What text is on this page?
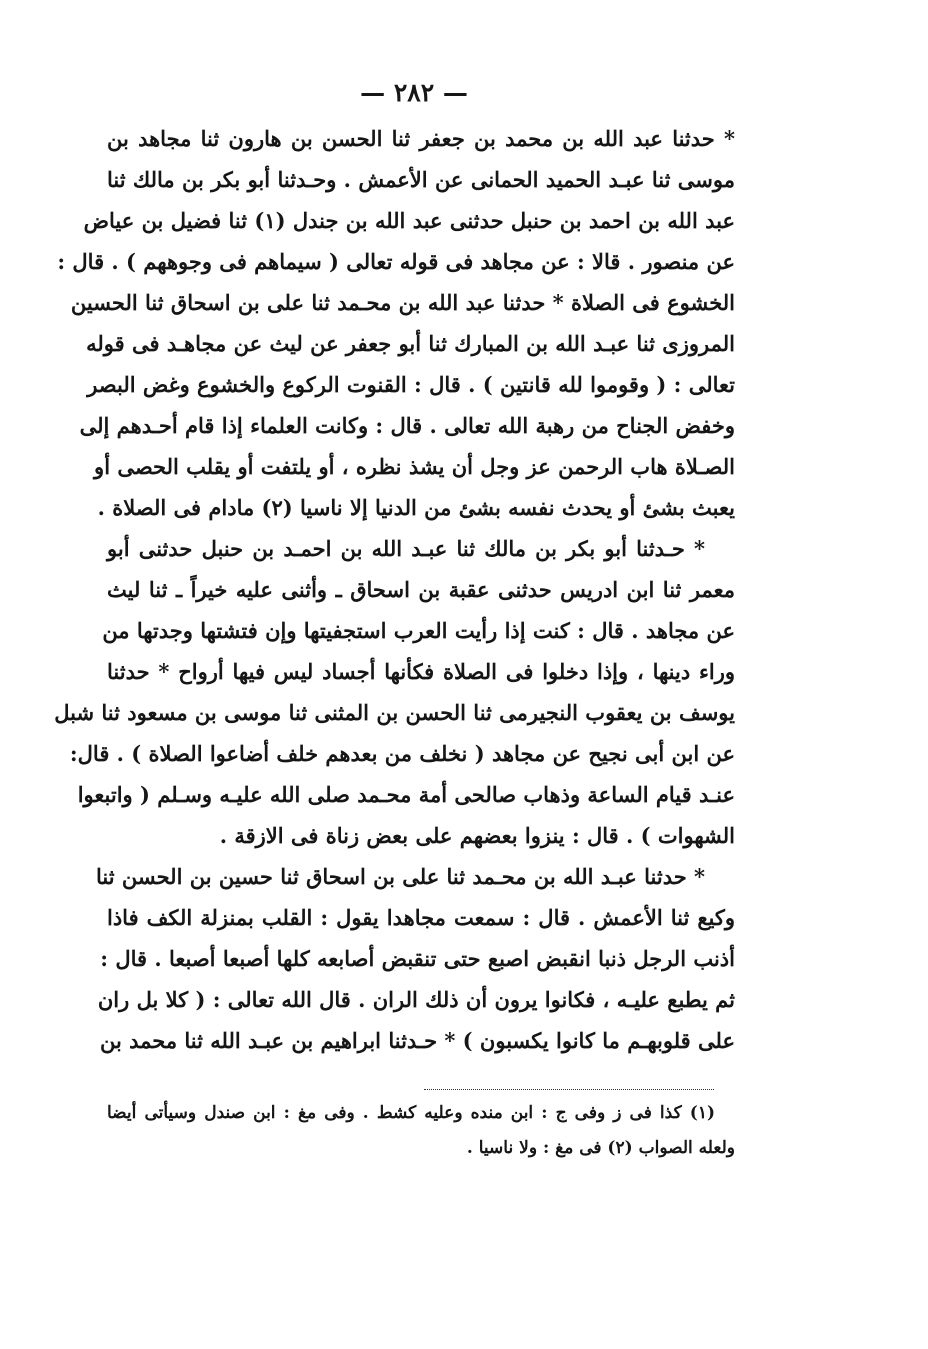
— ٢٨٢ —
* حدثنا عبد الله بن محمد بن جعفر ثنا الحسن بن هارون ثنا مجاهد بن
موسى ثنا عبـد الحميد الحمانى عن الأعمش . وحـدثنا أبو بكر بن مالك ثنا
عبد الله بن احمد بن حنبل حدثنى عبد الله بن جندل (١) ثنا فضيل بن عياض
عن منصور . قالا : عن مجاهد فى قوله تعالى ( سيماهم فى وجوههم ) . قال :
الخشوع فى الصلاة * حدثنا عبد الله بن محـمد ثنا على بن اسحاق ثنا الحسين
المروزى ثنا عبـد الله بن المبارك ثنا أبو جعفر عن ليث عن مجاهـد فى قوله
تعالى : ( وقوموا لله قانتين ) . قال : القنوت الركوع والخشوع وغض البصر
وخفض الجناح من رهبة الله تعالى . قال : وكانت العلماء إذا قام أحـدهم إلى
الصـلاة هاب الرحمن عز وجل أن يشذ نظره ، أو يلتفت أو يقلب الحصى أو
يعبث بشئ أو يحدث نفسه بشئ من الدنيا إلا ناسيا (٢) مادام فى الصلاة .
* حـدثنا أبو بكر بن مالك ثنا عبـد الله بن احمـد بن حنبل حدثنى أبو
معمر ثنا ابن ادريس حدثنى عقبة بن اسحاق ـ وأثنى عليه خيراً ـ ثنا ليث
عن مجاهد . قال : كنت إذا رأيت العرب استجفيتها وإن فتشتها وجدتها من
وراء دينها ، وإذا دخلوا فى الصلاة فكأنها أجساد ليس فيها أرواح * حدثنا
يوسف بن يعقوب النجيرمى ثنا الحسن بن المثنى ثنا موسى بن مسعود ثنا شبل
عن ابن أبى نجيح عن مجاهد ( نخلف من بعدهم خلف أضاعوا الصلاة ) . قال:
عنـد قيام الساعة وذهاب صالحى أمة محـمد صلى الله عليـه وسـلم ( واتبعوا
الشهوات ) . قال : ينزوا بعضهم على بعض زناة فى الازقة .
* حدثنا عبـد الله بن محـمد ثنا على بن اسحاق ثنا حسين بن الحسن ثنا
وكيع ثنا الأعمش . قال : سمعت مجاهدا يقول : القلب بمنزلة الكف فاذا
أذنب الرجل ذنبا انقبض اصبع حتى تنقبض أصابعه كلها أصبعا أصبعا . قال :
ثم يطبع عليـه ، فكانوا يرون أن ذلك الران . قال الله تعالى : ( كلا بل ران
على قلوبهـم ما كانوا يكسبون ) * حـدثنا ابراهيم بن عبـد الله ثنا محمد بن
(١) كذا فى ز وفى ج : ابن منده وعليه كشط . وفى مغ : ابن صندل وسيأتى أيضا
ولعله الصواب (٢) فى مغ : ولا ناسيا .
